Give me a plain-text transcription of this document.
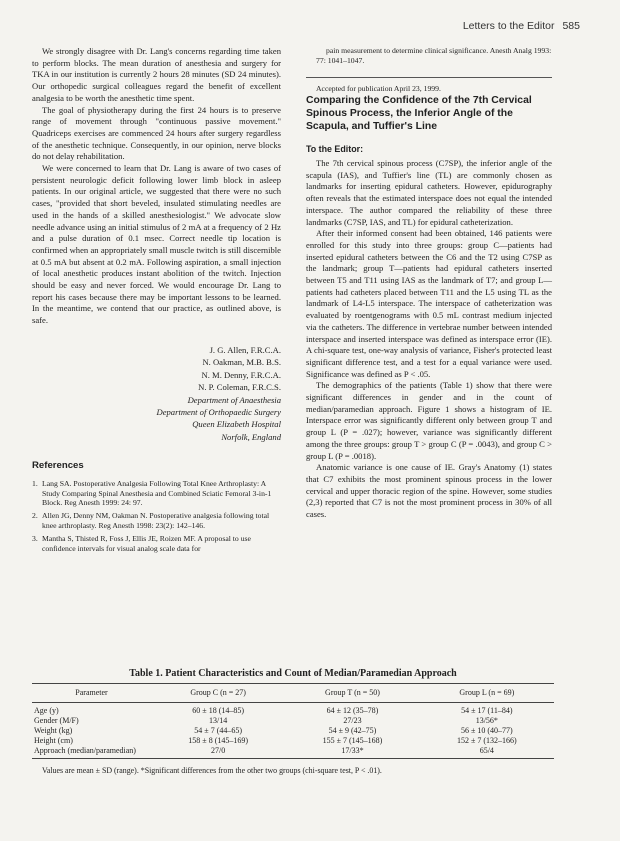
Letters to the Editor 585

We strongly disagree with Dr. Lang's concerns regarding time taken to perform blocks. The mean duration of anesthesia and surgery for TKA in our institution is currently 2 hours 28 minutes (SD 24 minutes). Our orthopedic surgical colleagues regard the benefit of excellent analgesia to be worth the anesthetic time spent.

The goal of physiotherapy during the first 24 hours is to preserve range of movement through "continuous passive movement." Quadriceps exercises are commenced 24 hours after surgery regardless of the anesthetic technique. Consequently, in our opinion, nerve blocks do not delay rehabilitation.

We were concerned to learn that Dr. Lang is aware of two cases of persistent neurologic deficit following lower limb block in asleep patients. In our original article, we suggested that there were no such cases, "provided that short beveled, insulated stimulating needles are used in the hands of a skilled anesthesiologist." We advocate slow needle advance using an initial stimulus of 2 mA at a frequency of 2 Hz and a pulse duration of 0.1 msec. Correct needle tip location is confirmed when an appropriately small muscle twitch is still discernible at 0.5 mA but absent at 0.2 mA. Following aspiration, a small injection of local anesthetic produces instant abolition of the twitch. Injection should be easy and never forced. We would encourage Dr. Lang to report his cases because there may be important lessons to be learned. In the meantime, we contend that our practice, as outlined above, is safe.

J. G. Allen, F.R.C.A.

N. Oakman, M.B. B.S.

N. M. Denny, F.R.C.A.

N. P. Coleman, F.R.C.S.

Department of Anaesthesia

Department of Orthopaedic Surgery

Queen Elizabeth Hospital

Norfolk, England

References
1. Lang SA. Postoperative Analgesia Following Total Knee Arthroplasty: A Study Comparing Spinal Anesthesia and Combined Sciatic Femoral 3-in-1 Block. Reg Anesth 1999: 24: 97.
2. Allen JG, Denny NM, Oakman N. Postoperative analgesia following total knee arthroplasty. Reg Anesth 1998: 23(2): 142–146.
3. Mantha S, Thisted R, Foss J, Ellis JE, Roizen MF. A proposal to use confidence intervals for visual analog scale data for

pain measurement to determine clinical significance. Anesth Analg 1993: 77: 1041–1047.

Accepted for publication April 23, 1999.

Comparing the Confidence of the 7th Cervical Spinous Process, the Inferior Angle of the Scapula, and Tuffier's Line
To the Editor:

The 7th cervical spinous process (C7SP), the inferior angle of the scapula (IAS), and Tuffier's line (TL) are commonly chosen as landmarks for inserting epidural catheters. However, epidurography often reveals that the estimated interspace does not equal the intended interspace. The author compared the reliability of these three landmarks (C7SP, IAS, and TL) for epidural catheterization.

After their informed consent had been obtained, 146 patients were enrolled for this study into three groups: group C—patients had inserted epidural catheters between the C6 and the T2 using C7SP as the landmark; group T—patients had epidural catheters inserted between T5 and T11 using IAS as the landmark of T7; and group L—patients had catheters placed between T11 and the L5 using TL as the landmark of L4-L5 interspace. The interspace of catheterization was evaluated by roentgenograms with 0.5 mL contrast medium injected via the catheters. The difference in vertebrae number between intended interspace and inserted interspace was defined as interspace error (IE). A chi-square test, one-way analysis of variance, Fisher's protected least significant difference test, and a test for a equal variance were used. Significance was defined as P < .05.

The demographics of the patients (Table 1) show that there were significant differences in gender and in the count of median/paramedian approach. Figure 1 shows a histogram of IE. Interspace error was significantly different only between group T and group L (P = .027); however, variance was significantly different among the three groups: group T > group C (P = .0043), and group C > group L (P = .0018).

Anatomic variance is one cause of IE. Gray's Anatomy (1) states that C7 exhibits the most prominent spinous process in the lower cervical and upper thoracic region of the spine. However, some studies (2,3) reported that C7 is not the most prominent process in 30% of all cases.

Table 1. Patient Characteristics and Count of Median/Paramedian Approach
Parameter	Group C (n = 27)	Group T (n = 50)	Group L (n = 69)
Age (y)	60 ± 18 (14–85)	64 ± 12 (35–78)	54 ± 17 (11–84)
Gender (M/F)	13/14	27/23	13/56*
Weight (kg)	54 ± 7 (44–65)	54 ± 9 (42–75)	56 ± 10 (40–77)
Height (cm)	158 ± 8 (145–169)	155 ± 7 (145–168)	152 ± 7 (132–166)
Approach (median/paramedian)	27/0	17/33*	65/4
Values are mean ± SD (range). *Significant differences from the other two groups (chi-square test, P < .01).
